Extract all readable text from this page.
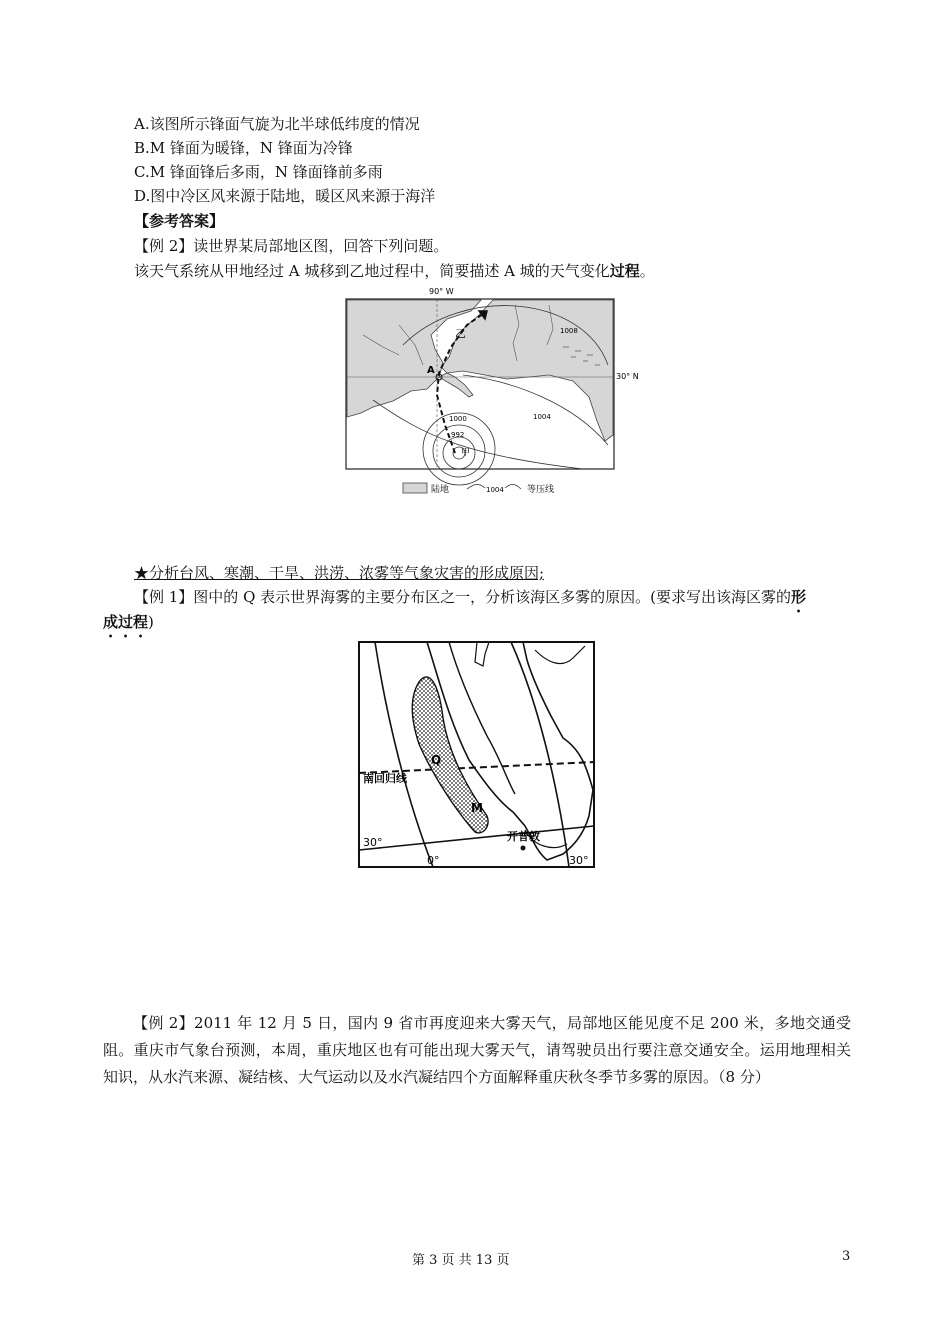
A.该图所示锋面气旋为北半球低纬度的情况
B.M 锋面为暖锋，N 锋面为冷锋
C.M 锋面锋后多雨，N 锋面锋前多雨
D.图中冷区风来源于陆地，暖区风来源于海洋
【参考答案】
【例 2】读世界某局部地区图，回答下列问题。
该天气系统从甲地经过 A 城移到乙地过程中，简要描述 A 城的天气变化过程。
90° W
30° N
A
乙
甲
1008
1000	1004
992
陆地	1004	等压线
★分析台风、寒潮、干旱、洪涝、浓雾等气象灾害的形成原因;
【例 1】图中的 Q 表示世界海雾的主要分布区之一，分析该海区多雾的原因。(要求写出该海区雾的形
成过程)
南回归线
Q
M
30°
0°	30°
开普敦
【例 2】2011 年 12 月 5 日，国内 9 省市再度迎来大雾天气，局部地区能见度不足 200 米，多地交通受阻。重庆市气象台预测，本周，重庆地区也有可能出现大雾天气，请驾驶员出行要注意交通安全。运用地理相关知识，从水汽来源、凝结核、大气运动以及水汽凝结四个方面解释重庆秋冬季节多雾的原因。（8 分）
第 3 页 共 13 页	3
